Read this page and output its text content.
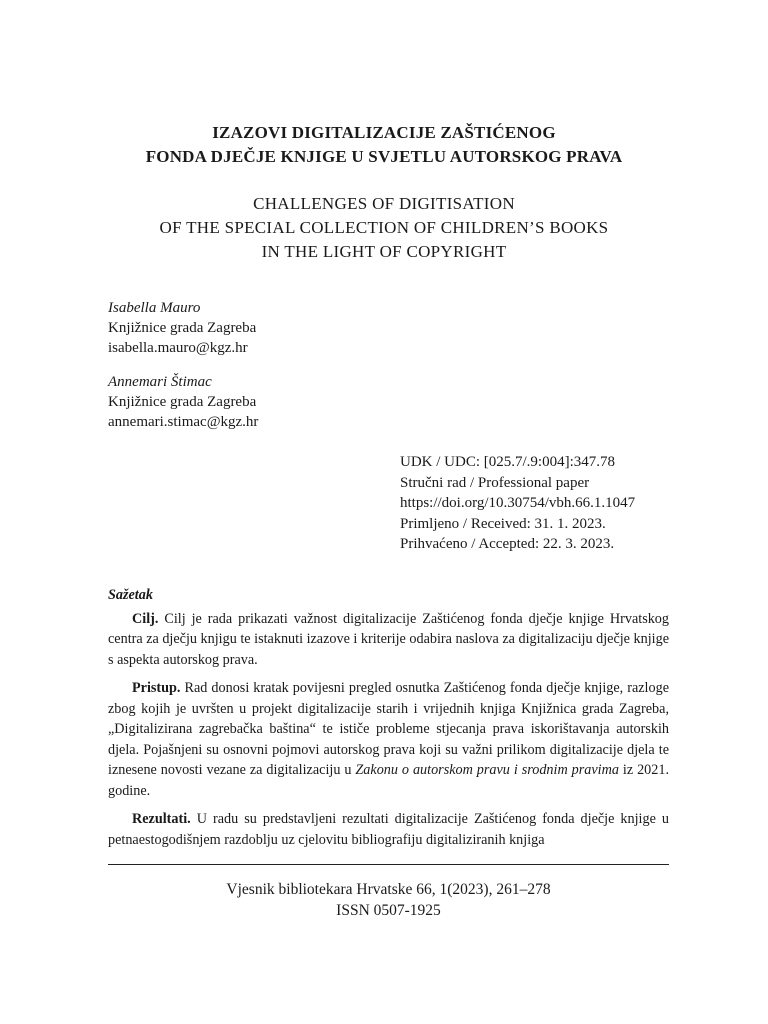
IZAZOVI DIGITALIZACIJE ZAŠTIĆENOG
FONDA DJEČJE KNJIGE U SVJETLU AUTORSKOG PRAVA
CHALLENGES OF DIGITISATION
OF THE SPECIAL COLLECTION OF CHILDREN’S BOOKS
IN THE LIGHT OF COPYRIGHT
Isabella Mauro
Knjižnice grada Zagreba
isabella.mauro@kgz.hr
Annemari Štimac
Knjižnice grada Zagreba
annemari.stimac@kgz.hr
UDK / UDC: [025.7/.9:004]:347.78
Stručni rad / Professional paper
https://doi.org/10.30754/vbh.66.1.1047
Primljeno / Received: 31. 1. 2023.
Prihvaćeno / Accepted: 22. 3. 2023.
Sažetak

Cilj. Cilj je rada prikazati važnost digitalizacije Zaštićenog fonda dječje knjige Hrvatskog centra za dječju knjigu te istaknuti izazove i kriterije odabira naslova za digitalizaciju dječje knjige s aspekta autorskog prava.

Pristup. Rad donosi kratak povijesni pregled osnutka Zaštićenog fonda dječje knjige, razloge zbog kojih je uvršten u projekt digitalizacije starih i vrijednih knjiga Knjižnica grada Zagreba, „Digitalizirana zagrebačka baština“ te ističe probleme stjecanja prava iskorištavanja autorskih djela. Pojašnjeni su osnovni pojmovi autorskog prava koji su važni prilikom digitalizacije djela te iznesene novosti vezane za digitalizaciju u Zakonu o autorskom pravu i srodnim pravima iz 2021. godine.

Rezultati. U radu su predstavljeni rezultati digitalizacije Zaštićenog fonda dječje knjige u petnaestogodišnjem razdoblju uz cjelovitu bibliografiju digitaliziranih knjiga

Vjesnik bibliotekara Hrvatske 66, 1(2023), 261–278
ISSN 0507-1925
